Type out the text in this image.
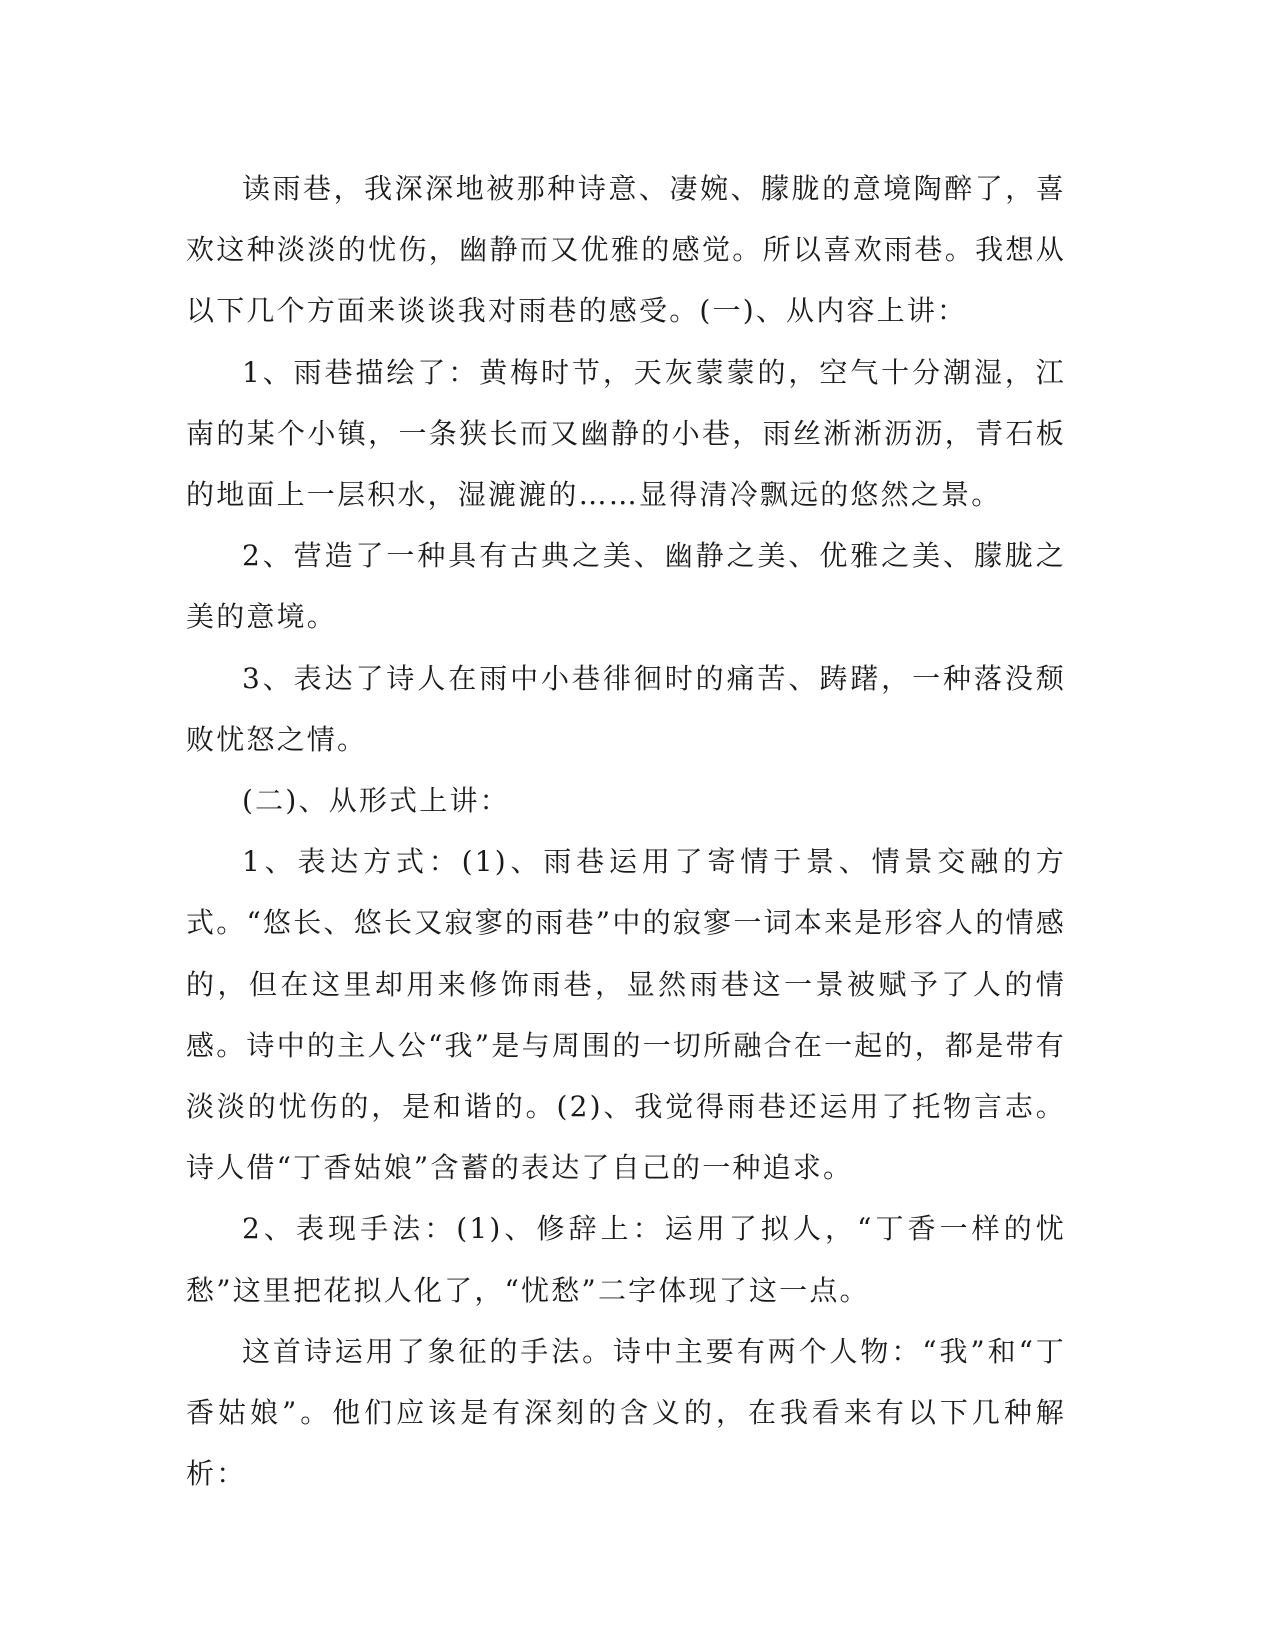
读雨巷，我深深地被那种诗意、凄婉、朦胧的意境陶醉了，喜欢这种淡淡的忧伤，幽静而又优雅的感觉。所以喜欢雨巷。我想从以下几个方面来谈谈我对雨巷的感受。(一)、从内容上讲：

1、雨巷描绘了：黄梅时节，天灰蒙蒙的，空气十分潮湿，江南的某个小镇，一条狭长而又幽静的小巷，雨丝淅淅沥沥，青石板的地面上一层积水，湿漉漉的……显得清冷飘远的悠然之景。

2、营造了一种具有古典之美、幽静之美、优雅之美、朦胧之美的意境。

3、表达了诗人在雨中小巷徘徊时的痛苦、踌躇，一种落没颓败忧怒之情。

(二)、从形式上讲：

1、表达方式：(1)、雨巷运用了寄情于景、情景交融的方式。“悠长、悠长又寂寥的雨巷”中的寂寥一词本来是形容人的情感的，但在这里却用来修饰雨巷，显然雨巷这一景被赋予了人的情感。诗中的主人公“我”是与周围的一切所融合在一起的，都是带有淡淡的忧伤的，是和谐的。(2)、我觉得雨巷还运用了托物言志。诗人借“丁香姑娘”含蓄的表达了自己的一种追求。

2、表现手法：(1)、修辞上：运用了拟人，“丁香一样的忧愁”这里把花拟人化了，“忧愁”二字体现了这一点。

这首诗运用了象征的手法。诗中主要有两个人物：“我”和“丁香姑娘”。他们应该是有深刻的含义的，在我看来有以下几种解析：
